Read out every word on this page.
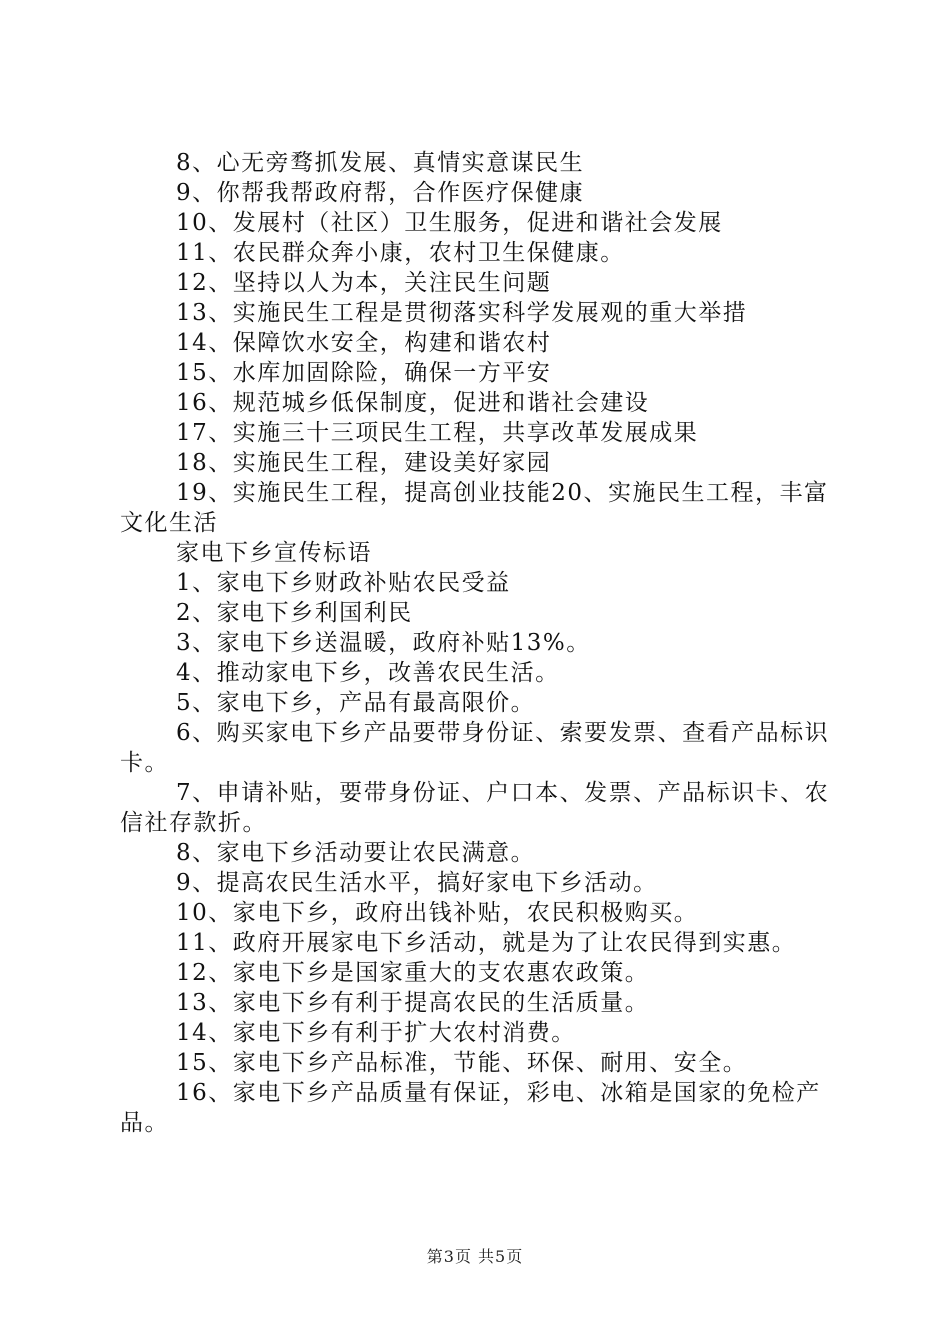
8、心无旁骛抓发展、真情实意谋民生

9、你帮我帮政府帮，合作医疗保健康

10、发展村（社区）卫生服务，促进和谐社会发展

11、农民群众奔小康，农村卫生保健康。

12、坚持以人为本，关注民生问题

13、实施民生工程是贯彻落实科学发展观的重大举措

14、保障饮水安全，构建和谐农村

15、水库加固除险，确保一方平安

16、规范城乡低保制度，促进和谐社会建设

17、实施三十三项民生工程，共享改革发展成果

18、实施民生工程，建设美好家园

19、实施民生工程，提高创业技能20、实施民生工程，丰富文化生活

家电下乡宣传标语

1、家电下乡财政补贴农民受益

2、家电下乡利国利民

3、家电下乡送温暖，政府补贴13%。

4、推动家电下乡，改善农民生活。

5、家电下乡，产品有最高限价。

6、购买家电下乡产品要带身份证、索要发票、查看产品标识卡。

7、申请补贴，要带身份证、户口本、发票、产品标识卡、农信社存款折。

8、家电下乡活动要让农民满意。

9、提高农民生活水平，搞好家电下乡活动。

10、家电下乡，政府出钱补贴，农民积极购买。

11、政府开展家电下乡活动，就是为了让农民得到实惠。

12、家电下乡是国家重大的支农惠农政策。

13、家电下乡有利于提高农民的生活质量。

14、家电下乡有利于扩大农村消费。

15、家电下乡产品标准，节能、环保、耐用、安全。

16、家电下乡产品质量有保证，彩电、冰箱是国家的免检产品。

第3页 共5页
